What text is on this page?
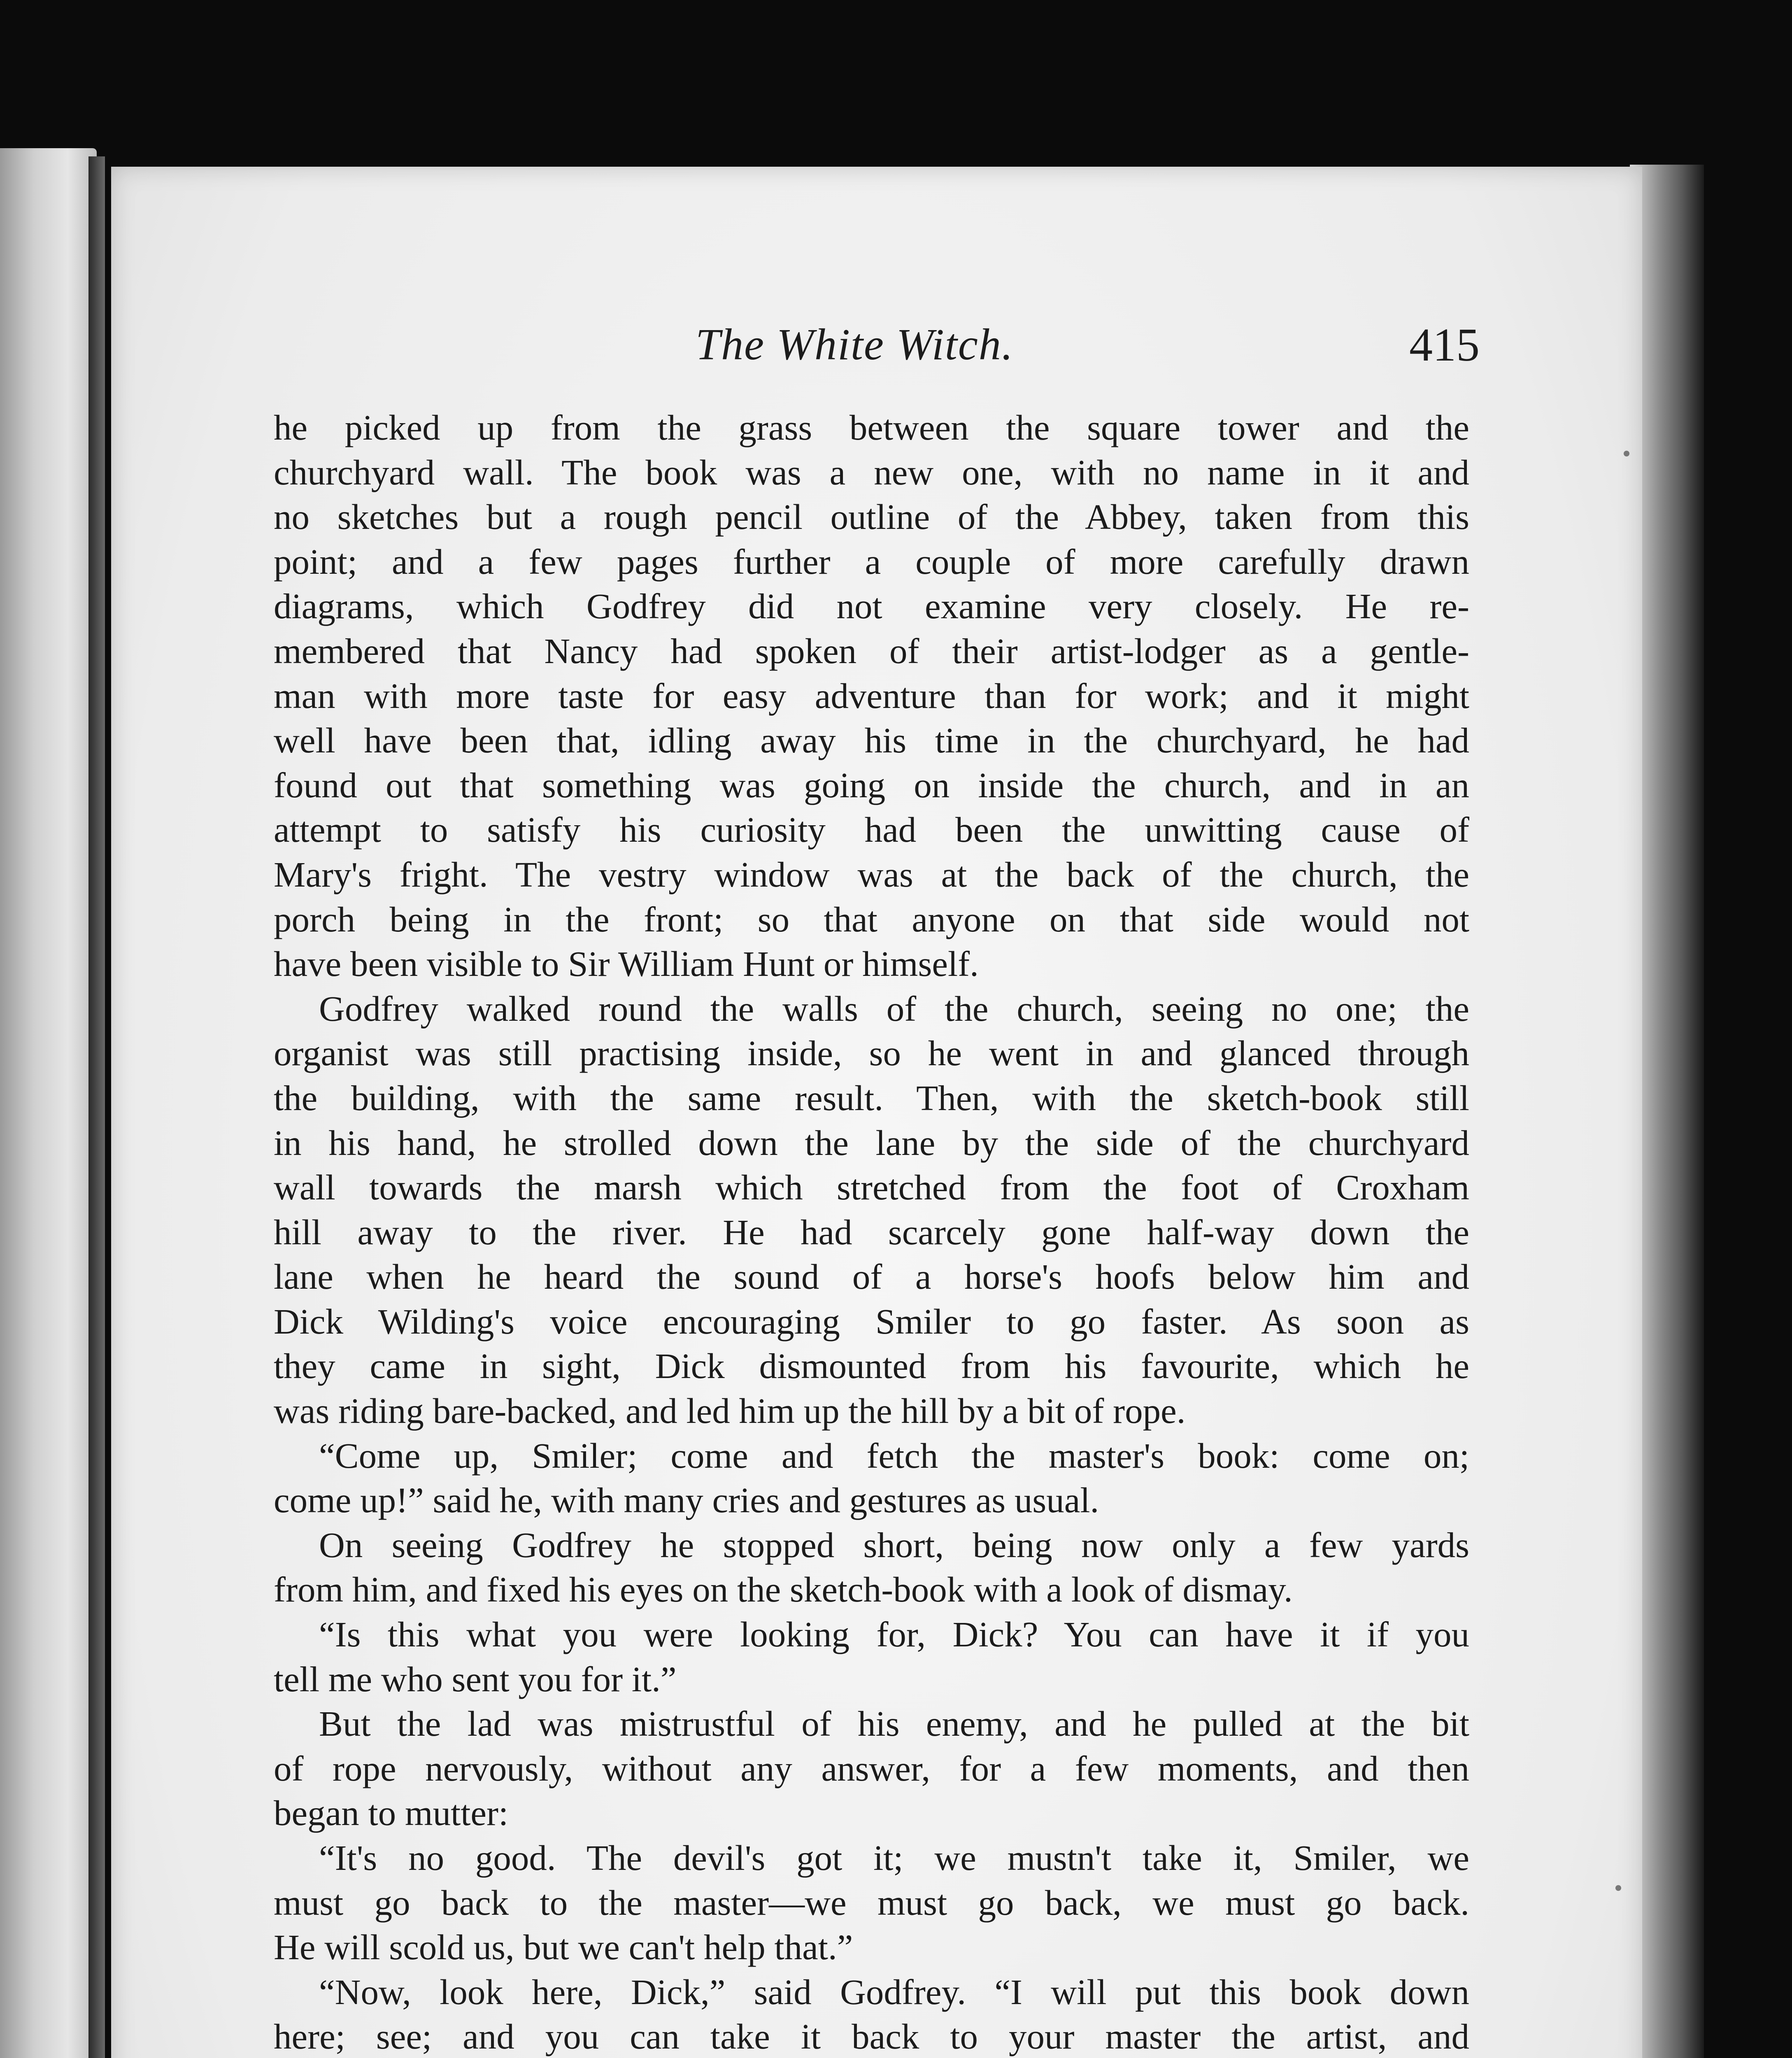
The White Witch.	415
he picked up from the grass between the square tower and the
churchyard wall. The book was a new one, with no name in it and
no sketches but a rough pencil outline of the Abbey, taken from this
point; and a few pages further a couple of more carefully drawn
diagrams, which Godfrey did not examine very closely. He re-
membered that Nancy had spoken of their artist-lodger as a gentle-
man with more taste for easy adventure than for work; and it might
well have been that, idling away his time in the churchyard, he had
found out that something was going on inside the church, and in an
attempt to satisfy his curiosity had been the unwitting cause of
Mary's fright. The vestry window was at the back of the church, the
porch being in the front; so that anyone on that side would not
have been visible to Sir William Hunt or himself.
Godfrey walked round the walls of the church, seeing no one; the
organist was still practising inside, so he went in and glanced through
the building, with the same result. Then, with the sketch-book still
in his hand, he strolled down the lane by the side of the churchyard
wall towards the marsh which stretched from the foot of Croxham
hill away to the river. He had scarcely gone half-way down the
lane when he heard the sound of a horse's hoofs below him and
Dick Wilding's voice encouraging Smiler to go faster. As soon as
they came in sight, Dick dismounted from his favourite, which he
was riding bare-backed, and led him up the hill by a bit of rope.
“Come up, Smiler; come and fetch the master's book: come on;
come up!” said he, with many cries and gestures as usual.
On seeing Godfrey he stopped short, being now only a few yards
from him, and fixed his eyes on the sketch-book with a look of dismay.
“Is this what you were looking for, Dick? You can have it if you
tell me who sent you for it.”
But the lad was mistrustful of his enemy, and he pulled at the bit
of rope nervously, without any answer, for a few moments, and then
began to mutter:
“It's no good. The devil's got it; we mustn't take it, Smiler, we
must go back to the master—we must go back, we must go back.
He will scold us, but we can't help that.”
“Now, look here, Dick,” said Godfrey. “I will put this book down
here; see; and you can take it back to your master the artist, and
